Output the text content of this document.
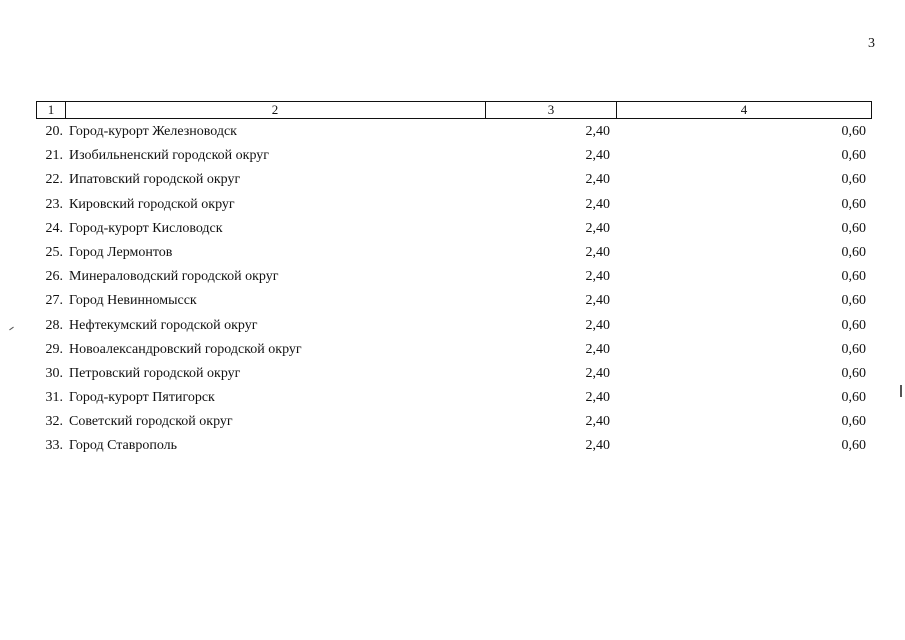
3
1	2	3	4
20. Город-курорт Железноводск	2,40	0,60
21. Изобильненский городской округ	2,40	0,60
22. Ипатовский городской округ	2,40	0,60
23. Кировский городской округ	2,40	0,60
24. Город-курорт Кисловодск	2,40	0,60
25. Город Лермонтов	2,40	0,60
26. Минераловодский городской округ	2,40	0,60
27. Город Невинномысск	2,40	0,60
28. Нефтекумский городской округ	2,40	0,60
29. Новоалександровский городской округ	2,40	0,60
30. Петровский городской округ	2,40	0,60
31. Город-курорт Пятигорск	2,40	0,60
32. Советский городской округ	2,40	0,60
33. Город Ставрополь	2,40	0,60
